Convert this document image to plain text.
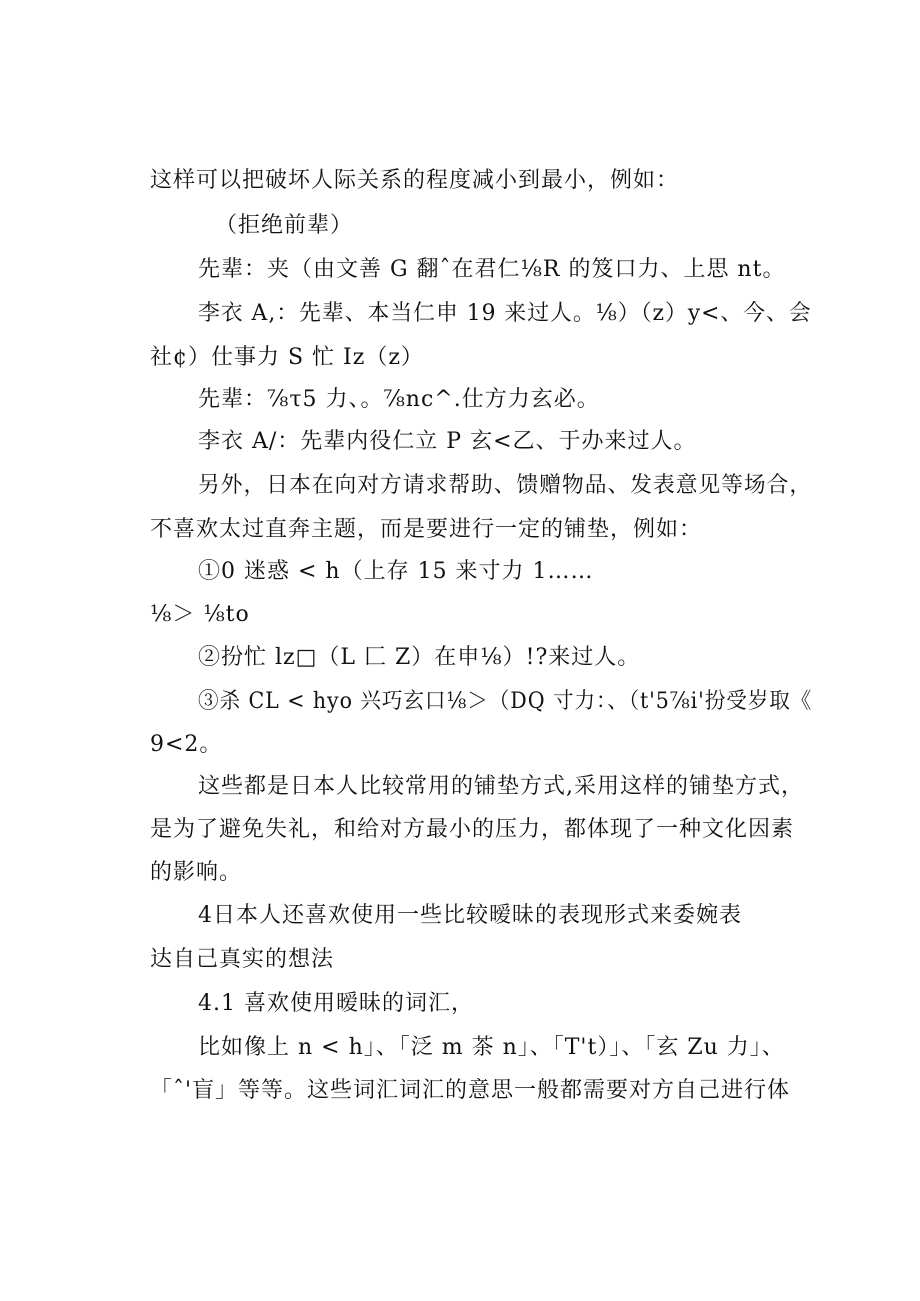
这样可以把破坏人际关系的程度减小到最小，例如：
（拒绝前辈）
先辈：夹（由文善 G 翻ˆ在君仁⅛R 的笈口力、上思 nt。
李衣 A,：先辈、本当仁申 19 来过人。⅛）（z）y<、今、会
社¢）仕事力 S 忙 Iz（z）
先辈：⅞τ5 力、。⅞nc^.仕方力玄必。
李衣 A/：先辈内役仁立 P 玄<乙、于办来过人。
另外，日本在向对方请求帮助、馈赠物品、发表意见等场合，
不喜欢太过直奔主题，而是要进行一定的铺垫，例如：
①0 迷惑 < h（上存 15 来寸力 1……
⅛＞ ⅛to
②扮忙 lz□（L 匚 Z）在申⅛）!?来过人。
③杀 CL < hyo 兴巧玄口⅛＞（DQ 寸力：、（t'5⅞i'扮受岁取《
9<2。
这些都是日本人比较常用的铺垫方式,采用这样的铺垫方式，
是为了避免失礼，和给对方最小的压力，都体现了一种文化因素
的影响。
4日本人还喜欢使用一些比较暧昧的表现形式来委婉表
达自己真实的想法
4.1 喜欢使用暧昧的词汇，
比如像上 n < h」、「泛 m 茶 n」、「T't）」、「玄 Zu 力」、
「ˆ'盲」等等。这些词汇词汇的意思一般都需要对方自己进行体
